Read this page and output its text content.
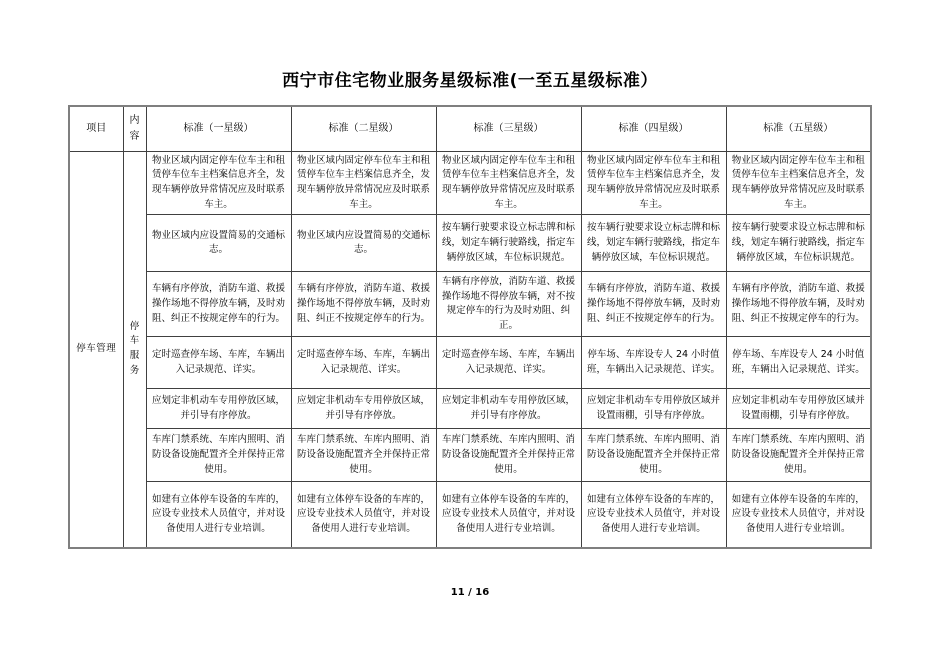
西宁市住宅物业服务星级标准(一至五星级标准）
项目	内容	标准（一星级）	标准（二星级）	标准（三星级）	标准（四星级）	标准（五星级）
停车管理	停车服务	物业区域内固定停车位车主和租赁停车位车主档案信息齐全，发现车辆停放异常情况应及时联系车主。	物业区域内固定停车位车主和租赁停车位车主档案信息齐全，发现车辆停放异常情况应及时联系车主。	物业区域内固定停车位车主和租赁停车位车主档案信息齐全，发现车辆停放异常情况应及时联系车主。	物业区域内固定停车位车主和租赁停车位车主档案信息齐全，发现车辆停放异常情况应及时联系车主。	物业区域内固定停车位车主和租赁停车位车主档案信息齐全，发现车辆停放异常情况应及时联系车主。
		物业区域内应设置简易的交通标志。	物业区域内应设置简易的交通标志。	按车辆行驶要求设立标志牌和标线，划定车辆行驶路线，指定车辆停放区域，车位标识规范。	按车辆行驶要求设立标志牌和标线，划定车辆行驶路线，指定车辆停放区域，车位标识规范。	按车辆行驶要求设立标志牌和标线，划定车辆行驶路线，指定车辆停放区域，车位标识规范。
		车辆有序停放，消防车道、救援操作场地不得停放车辆，及时劝阻、纠正不按规定停车的行为。	车辆有序停放，消防车道、救援操作场地不得停放车辆，及时劝阻、纠正不按规定停车的行为。	车辆有序停放，消防车道、救援操作场地不得停放车辆，对不按规定停车的行为及时劝阻、纠正。	车辆有序停放，消防车道、救援操作场地不得停放车辆，及时劝阻、纠正不按规定停车的行为。	车辆有序停放，消防车道、救援操作场地不得停放车辆，及时劝阻、纠正不按规定停车的行为。
		定时巡查停车场、车库，车辆出入记录规范、详实。	定时巡查停车场、车库，车辆出入记录规范、详实。	定时巡查停车场、车库，车辆出入记录规范、详实。	停车场、车库设专人 24 小时值班，车辆出入记录规范、详实。	停车场、车库设专人 24 小时值班，车辆出入记录规范、详实。
		应划定非机动车专用停放区域，并引导有序停放。	应划定非机动车专用停放区域，并引导有序停放。	应划定非机动车专用停放区域，并引导有序停放。	应划定非机动车专用停放区域并设置雨棚，引导有序停放。	应划定非机动车专用停放区域并设置雨棚，引导有序停放。
		车库门禁系统、车库内照明、消防设备设施配置齐全并保持正常使用。	车库门禁系统、车库内照明、消防设备设施配置齐全并保持正常使用。	车库门禁系统、车库内照明、消防设备设施配置齐全并保持正常使用。	车库门禁系统、车库内照明、消防设备设施配置齐全并保持正常使用。	车库门禁系统、车库内照明、消防设备设施配置齐全并保持正常使用。
		如建有立体停车设备的车库的，应设专业技术人员值守，并对设备使用人进行专业培训。	如建有立体停车设备的车库的，应设专业技术人员值守，并对设备使用人进行专业培训。	如建有立体停车设备的车库的，应设专业技术人员值守，并对设备使用人进行专业培训。	如建有立体停车设备的车库的，应设专业技术人员值守，并对设备使用人进行专业培训。	如建有立体停车设备的车库的，应设专业技术人员值守，并对设备使用人进行专业培训。
11 / 16
